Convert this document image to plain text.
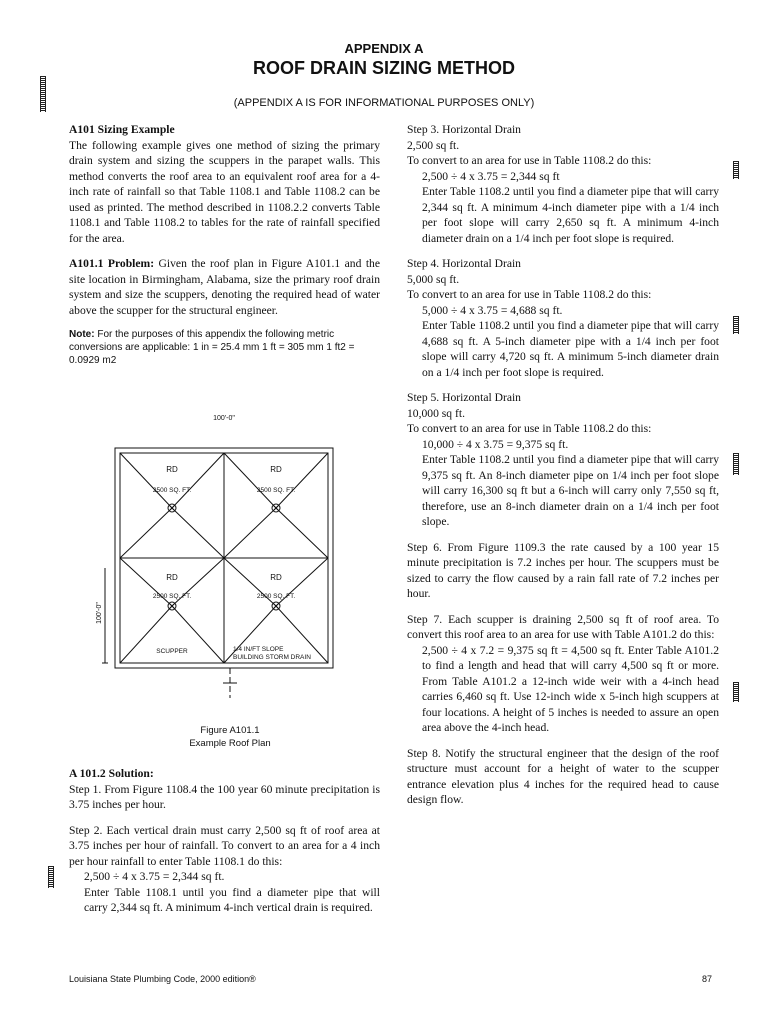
APPENDIX A
ROOF DRAIN SIZING METHOD
(APPENDIX A IS FOR INFORMATIONAL PURPOSES ONLY)

A101 Sizing Example

The following example gives one method of sizing the primary drain system and sizing the scuppers in the parapet walls. This method converts the roof area to an equivalent roof area for a 4-inch rate of rainfall so that Table 1108.1 and Table 1108.2 can be used as printed. The method described in 1108.2.2 converts Table 1108.1 and Table 1108.2 to tables for the rate of rainfall specified for the area.

A101.1 Problem: Given the roof plan in Figure A101.1 and the site location in Birmingham, Alabama, size the primary roof drain system and size the scuppers, denoting the required head of water above the scupper for the structural engineer.

Note: For the purposes of this appendix the following metric conversions are applicable: 1 in = 25.4 mm 1 ft = 305 mm 1 ft2 = 0.0929 m2

100'-0"
100'-0"
RD	RD
RD	RD
2500 SQ. FT.	2500 SQ. FT.
2500 SQ. FT.	2500 SQ. FT.
SCUPPER	1/4 IN/FT SLOPE
BUILDING STORM DRAIN
Figure A101.1
Example Roof Plan

A 101.2 Solution:

Step 1. From Figure 1108.4 the 100 year 60 minute precipitation is 3.75 inches per hour.

Step 2. Each vertical drain must carry 2,500 sq ft of roof area at 3.75 inches per hour of rainfall. To convert to an area for a 4 inch per hour rainfall to enter Table 1108.1 do this:

2,500 ÷ 4 x 3.75 = 2,344 sq ft.
Enter Table 1108.1 until you find a diameter pipe that will carry 2,344 sq ft. A minimum 4-inch vertical drain is required.
Step 3. Horizontal Drain
2,500 sq ft.
To convert to an area for use in Table 1108.2 do this:
2,500 ÷ 4 x 3.75 = 2,344 sq ft
Enter Table 1108.2 until you find a diameter pipe that will carry 2,344 sq ft. A minimum 4-inch diameter pipe with a 1/4 inch per foot slope will carry 2,650 sq ft. A minimum 4-inch diameter drain on a 1/4 inch per foot slope is required.
Step 4. Horizontal Drain
5,000 sq ft.
To convert to an area for use in Table 1108.2 do this:
5,000 ÷ 4 x 3.75 = 4,688 sq ft.
Enter Table 1108.2 until you find a diameter pipe that will carry 4,688 sq ft. A 5-inch diameter pipe with a 1/4 inch per foot slope will carry 4,720 sq ft. A minimum 5-inch diameter drain on a 1/4 inch per foot slope is required.
Step 5. Horizontal Drain
10,000 sq ft.
To convert to an area for use in Table 1108.2 do this:
10,000 ÷ 4 x 3.75 = 9,375 sq ft.
Enter Table 1108.2 until you find a diameter pipe that will carry 9,375 sq ft. An 8-inch diameter pipe on 1/4 inch per foot slope will carry 16,300 sq ft but a 6-inch will carry only 7,550 sq ft, therefore, use an 8-inch diameter drain on a 1/4 inch per foot slope.

Step 6. From Figure 1109.3 the rate caused by a 100 year 15 minute precipitation is 7.2 inches per hour. The scuppers must be sized to carry the flow caused by a rain fall rate of 7.2 inches per hour.

Step 7. Each scupper is draining 2,500 sq ft of roof area. To convert this roof area to an area for use with Table A101.2 do this:

2,500 ÷ 4 x 7.2 = 9,375 sq ft = 4,500 sq ft. Enter Table A101.2 to find a length and head that will carry 4,500 sq ft or more. From Table A101.2 a 12-inch wide weir with a 4-inch head carries 6,460 sq ft. Use 12-inch wide x 5-inch high scuppers at four locations. A height of 5 inches is needed to assure an open area above the 4-inch head.

Step 8. Notify the structural engineer that the design of the roof structure must account for a height of water to the scupper entrance elevation plus 4 inches for the required head to cause design flow.

Louisiana State Plumbing Code, 2000 edition®	87
